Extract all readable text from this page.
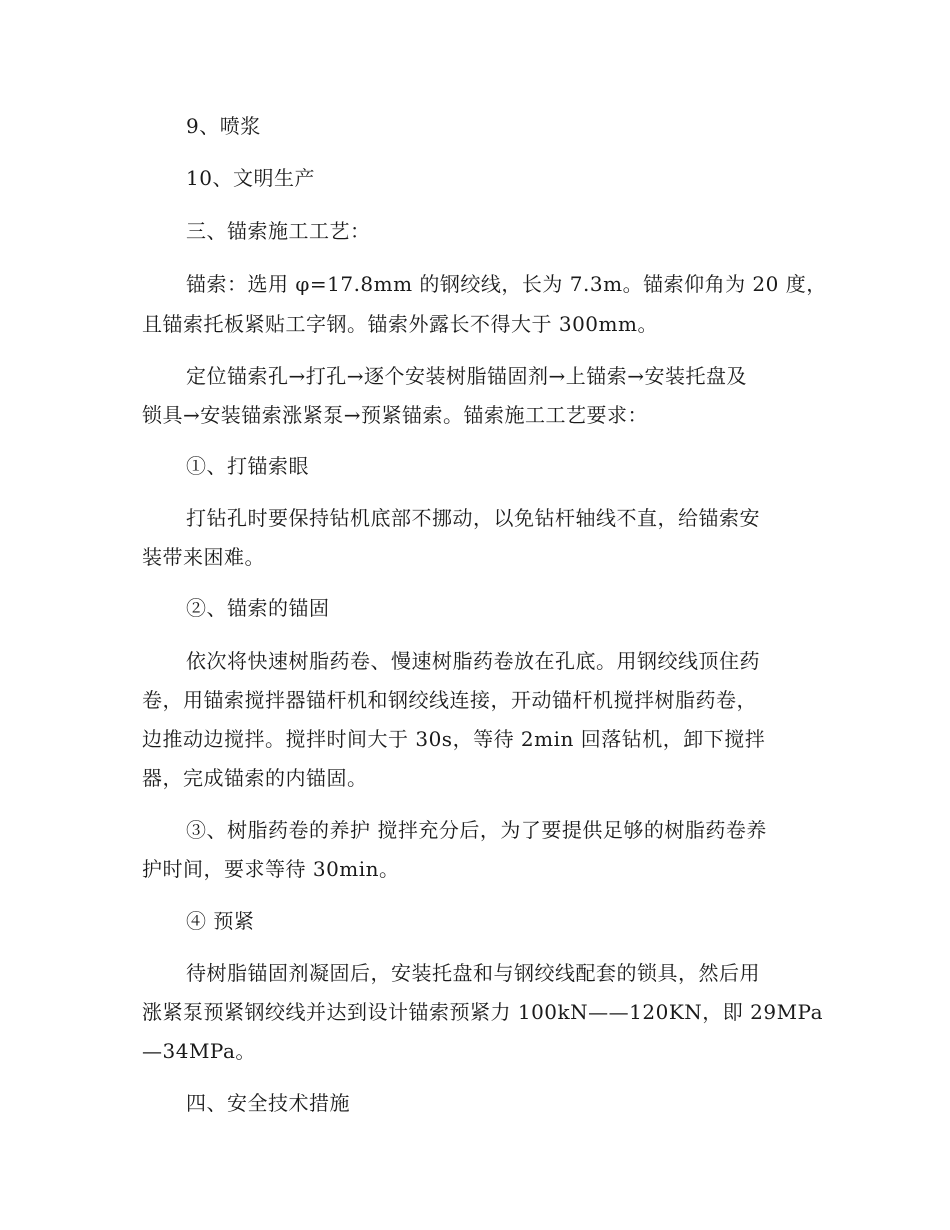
9、喷浆
10、文明生产
三、锚索施工工艺：
锚索：选用 φ=17.8mm 的钢绞线，长为 7.3m。锚索仰角为 20 度，
且锚索托板紧贴工字钢。锚索外露长不得大于 300mm。
定位锚索孔→打孔→逐个安装树脂锚固剂→上锚索→安装托盘及
锁具→安装锚索涨紧泵→预紧锚索。锚索施工工艺要求：
①、打锚索眼
打钻孔时要保持钻机底部不挪动，以免钻杆轴线不直，给锚索安
装带来困难。
②、锚索的锚固
依次将快速树脂药卷、慢速树脂药卷放在孔底。用钢绞线顶住药
卷，用锚索搅拌器锚杆机和钢绞线连接，开动锚杆机搅拌树脂药卷，
边推动边搅拌。搅拌时间大于 30s，等待 2min 回落钻机，卸下搅拌
器，完成锚索的内锚固。
③、树脂药卷的养护 搅拌充分后，为了要提供足够的树脂药卷养
护时间，要求等待 30min。
④ 预紧
待树脂锚固剂凝固后，安装托盘和与钢绞线配套的锁具，然后用
涨紧泵预紧钢绞线并达到设计锚索预紧力 100kN——120KN，即 29MPa
—34MPa。
四、安全技术措施
